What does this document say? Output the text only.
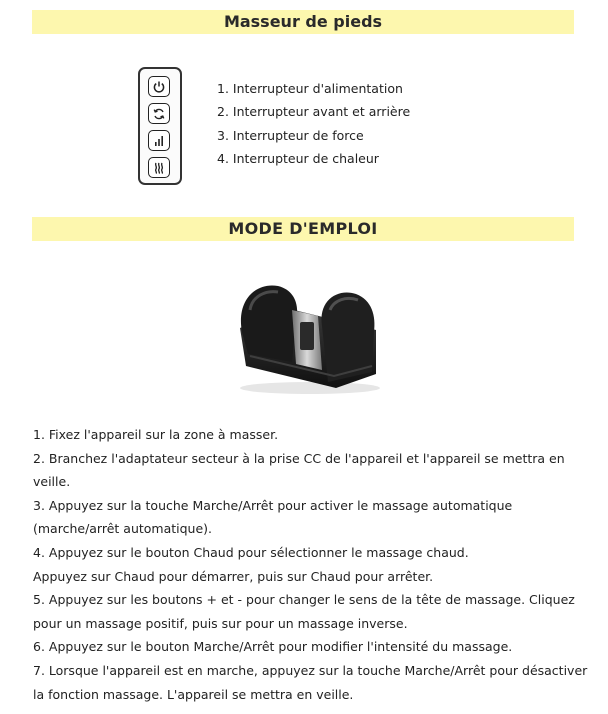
Masseur de pieds
1. Interrupteur d'alimentation
2. Interrupteur avant et arrière
3. Interrupteur de force
4. Interrupteur de chaleur
MODE D'EMPLOI

1. Fixez l'appareil sur la zone à masser.

2. Branchez l'adaptateur secteur à la prise CC de l'appareil et l'appareil se mettra en

veille.

3. Appuyez sur la touche Marche/Arrêt pour activer le massage automatique

(marche/arrêt automatique).

4. Appuyez sur le bouton Chaud pour sélectionner le massage chaud.

Appuyez sur Chaud pour démarrer, puis sur Chaud pour arrêter.

5. Appuyez sur les boutons + et - pour changer le sens de la tête de massage. Cliquez

pour un massage positif, puis sur pour un massage inverse.

6. Appuyez sur le bouton Marche/Arrêt pour modifier l'intensité du massage.

7. Lorsque l'appareil est en marche, appuyez sur la touche Marche/Arrêt pour désactiver

la fonction massage. L'appareil se mettra en veille.
